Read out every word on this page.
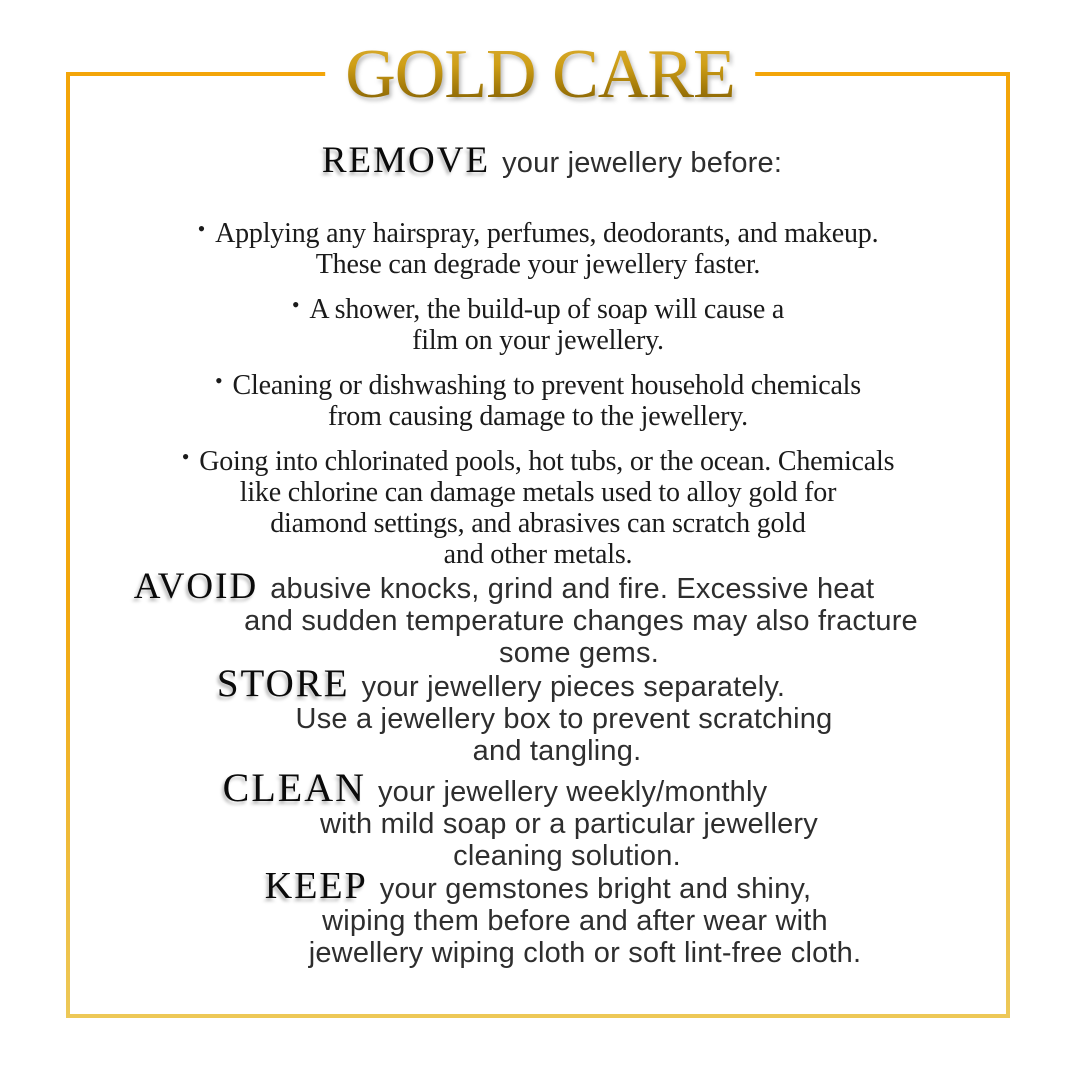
GOLD CARE
REMOVE your jewellery before:
• Applying any hairspray, perfumes, deodorants, and makeup.
These can degrade your jewellery faster.
• A shower, the build-up of soap will cause a
film on your jewellery.
• Cleaning or dishwashing to prevent household chemicals
from causing damage to the jewellery.
• Going into chlorinated pools, hot tubs, or the ocean. Chemicals
like chlorine can damage metals used to alloy gold for
diamond settings, and abrasives can scratch gold
and other metals.
AVOID abusive knocks, grind and fire. Excessive heat
and sudden temperature changes may also fracture
some gems.
STORE your jewellery pieces separately.
Use a jewellery box to prevent scratching
and tangling.
CLEAN your jewellery weekly/monthly
with mild soap or a particular jewellery
cleaning solution.
KEEP your gemstones bright and shiny,
wiping them before and after wear with
jewellery wiping cloth or soft lint-free cloth.
